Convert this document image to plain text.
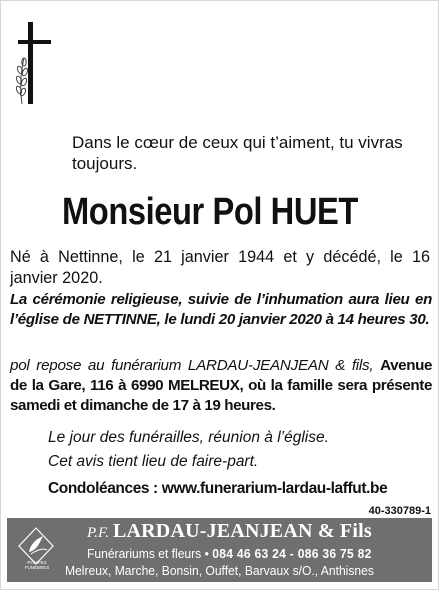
Dans le cœur de ceux qui t’aiment, tu vivras toujours.
Monsieur Pol HUET
Né à Nettinne, le 21 janvier 1944 et y décédé, le 16 janvier 2020.
La cérémonie religieuse, suivie de l’inhumation aura lieu en l’église de NETTINNE, le lundi 20 janvier 2020 à 14 heures 30.
pol repose au funérarium LARDAU-JEANJEAN & fils, Avenue de la Gare, 116 à 6990 MELREUX, où la famille sera présente samedi et dimanche de 17 à 19 heures.
Le jour des funérailles, réunion à l’église.
Cet avis tient lieu de faire-part.
Condoléances : www.funerarium-lardau-laffut.be
40-330789-1
POMPES FUNÈBRES
P.F. LARDAU-JEANJEAN & Fils
Funérariums et fleurs • 084 46 63 24 - 086 36 75 82
Melreux, Marche, Bonsin, Ouffet, Barvaux s/O., Anthisnes
